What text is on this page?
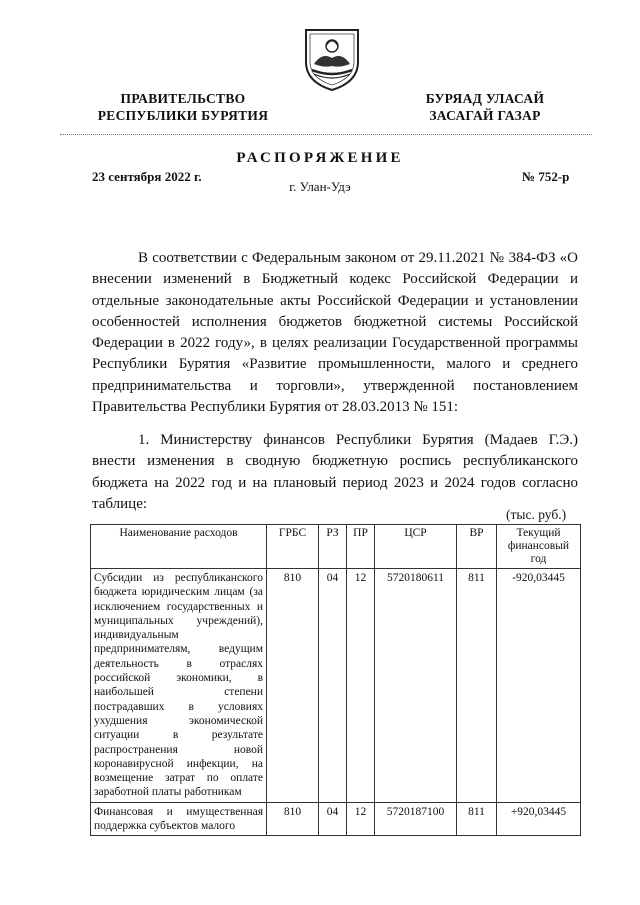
ПРАВИТЕЛЬСТВО
РЕСПУБЛИКИ БУРЯТИЯ
БУРЯАД УЛАСАЙ
ЗАСАГАЙ ГАЗАР
РАСПОРЯЖЕНИЕ
23 сентября 2022 г.	№ 752-р
г. Улан-Удэ
В соответствии с Федеральным законом от 29.11.2021 № 384-ФЗ «О внесении изменений в Бюджетный кодекс Российской Федерации и отдельные законодательные акты Российской Федерации и установлении особенностей исполнения бюджетов бюджетной системы Российской Федерации в 2022 году», в целях реализации Государственной программы Республики Бурятия «Развитие промышленности, малого и среднего предпринимательства и торговли», утвержденной постановлением Правительства Республики Бурятия от 28.03.2013 № 151:
1. Министерству финансов Республики Бурятия (Мадаев Г.Э.) внести изменения в сводную бюджетную роспись республиканского бюджета на 2022 год и на плановый период 2023 и 2024 годов согласно таблице:
(тыс. руб.)
Наименование расходов	ГРБС	РЗ	ПР	ЦСР	ВР	Текущий финансовый год
Субсидии из республиканского бюджета юридическим лицам (за исключением государственных и муниципальных учреждений), индивидуальным предпринимателям, ведущим деятельность в отраслях российской экономики, в наибольшей степени пострадавших в условиях ухудшения экономической ситуации в результате распространения новой коронавирусной инфекции, на возмещение затрат по оплате заработной платы работникам	810	04	12	5720180611	811	-920,03445
Финансовая и имущественная поддержка субъектов малого	810	04	12	5720187100	811	+920,03445
